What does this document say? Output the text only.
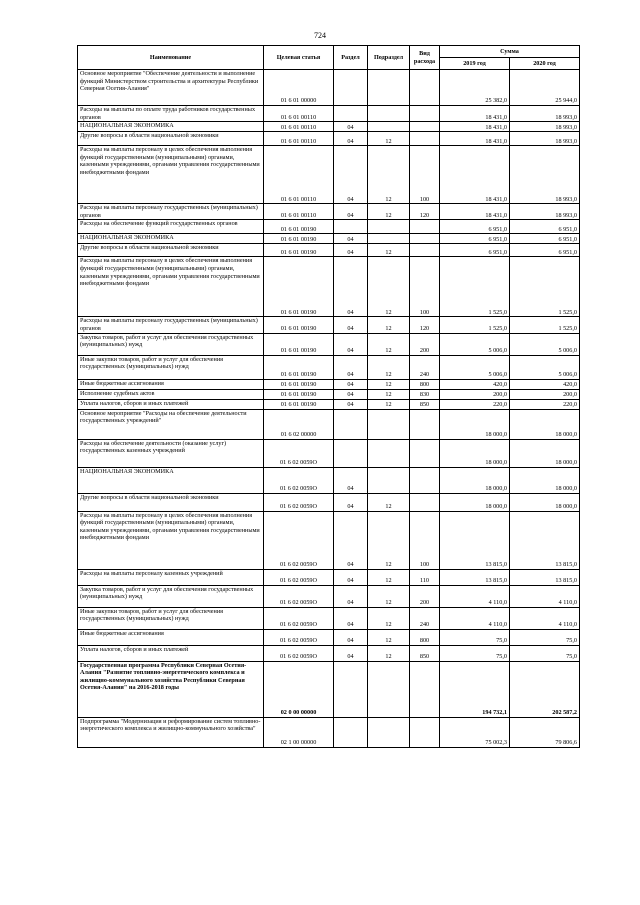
724
Наименование	Целевая статья	Раздел	Подраздел	Вид расхода	Сумма	
					2019 год	2020 год
Основное мероприятие "Обеспечение деятельности и выполнение функций Министерством строительства и архитектуры Республики Северная Осетия-Алания"	01 6 01 00000				25 382,0	25 944,0
Расходы на выплаты по оплате труда работников государственных органов	01 6 01 00110				18 431,0	18 993,0
НАЦИОНАЛЬНАЯ ЭКОНОМИКА	01 6 01 00110	04			18 431,0	18 993,0
Другие вопросы в области национальной экономики	01 6 01 00110	04	12		18 431,0	18 993,0
Расходы на выплаты персоналу в целях обеспечения выполнения функций государственными (муниципальными) органами, казенными учреждениями, органами управления государственными внебюджетными фондами	01 6 01 00110	04	12	100	18 431,0	18 993,0
Расходы на выплаты персоналу государственных (муниципальных) органов	01 6 01 00110	04	12	120	18 431,0	18 993,0
Расходы на обеспечение функций государственных органов	01 6 01 00190				6 951,0	6 951,0
НАЦИОНАЛЬНАЯ ЭКОНОМИКА	01 6 01 00190	04			6 951,0	6 951,0
Другие вопросы в области национальной экономики	01 6 01 00190	04	12		6 951,0	6 951,0
Расходы на выплаты персоналу в целях обеспечения выполнения функций государственными (муниципальными) органами, казенными учреждениями, органами управления государственными внебюджетными фондами	01 6 01 00190	04	12	100	1 525,0	1 525,0
Расходы на выплаты персоналу государственных (муниципальных) органов	01 6 01 00190	04	12	120	1 525,0	1 525,0
Закупка товаров, работ и услуг для обеспечения государственных (муниципальных) нужд	01 6 01 00190	04	12	200	5 006,0	5 006,0
Иные закупки товаров, работ и услуг для обеспечения государственных (муниципальных) нужд	01 6 01 00190	04	12	240	5 006,0	5 006,0
Иные бюджетные ассигнования	01 6 01 00190	04	12	800	420,0	420,0
Исполнение судебных актов	01 6 01 00190	04	12	830	200,0	200,0
Уплата налогов, сборов и иных платежей	01 6 01 00190	04	12	850	220,0	220,0
Основное мероприятие "Расходы на обеспечение деятельности государственных учреждений"	01 6 02 00000				18 000,0	18 000,0
Расходы на обеспечение деятельности (оказание услуг) государственных казенных учреждений	01 6 02 0059О				18 000,0	18 000,0
НАЦИОНАЛЬНАЯ ЭКОНОМИКА	01 6 02 0059О	04			18 000,0	18 000,0
Другие вопросы в области национальной экономики	01 6 02 0059О	04	12		18 000,0	18 000,0
Расходы на выплаты персоналу в целях обеспечения выполнения функций государственными (муниципальными) органами, казенными учреждениями, органами управления государственными внебюджетными фондами	01 6 02 0059О	04	12	100	13 815,0	13 815,0
Расходы на выплаты персоналу казенных учреждений	01 6 02 0059О	04	12	110	13 815,0	13 815,0
Закупка товаров, работ и услуг для обеспечения государственных (муниципальных) нужд	01 6 02 0059О	04	12	200	4 110,0	4 110,0
Иные закупки товаров, работ и услуг для обеспечения государственных (муниципальных) нужд	01 6 02 0059О	04	12	240	4 110,0	4 110,0
Иные бюджетные ассигнования	01 6 02 0059О	04	12	800	75,0	75,0
Уплата налогов, сборов и иных платежей	01 6 02 0059О	04	12	850	75,0	75,0
Государственная программа Республики Северная Осетия-Алания "Развитие топливно-энергетического комплекса и жилищно-коммунального хозяйства Республики Северная Осетия-Алания" на 2016-2018 годы	02 0 00 00000				194 732,1	202 587,2
Подпрограмма "Модернизация и реформирование систем топливно-энергетического комплекса и жилищно-коммунального хозяйства"	02 1 00 00000				75 002,3	79 806,6
